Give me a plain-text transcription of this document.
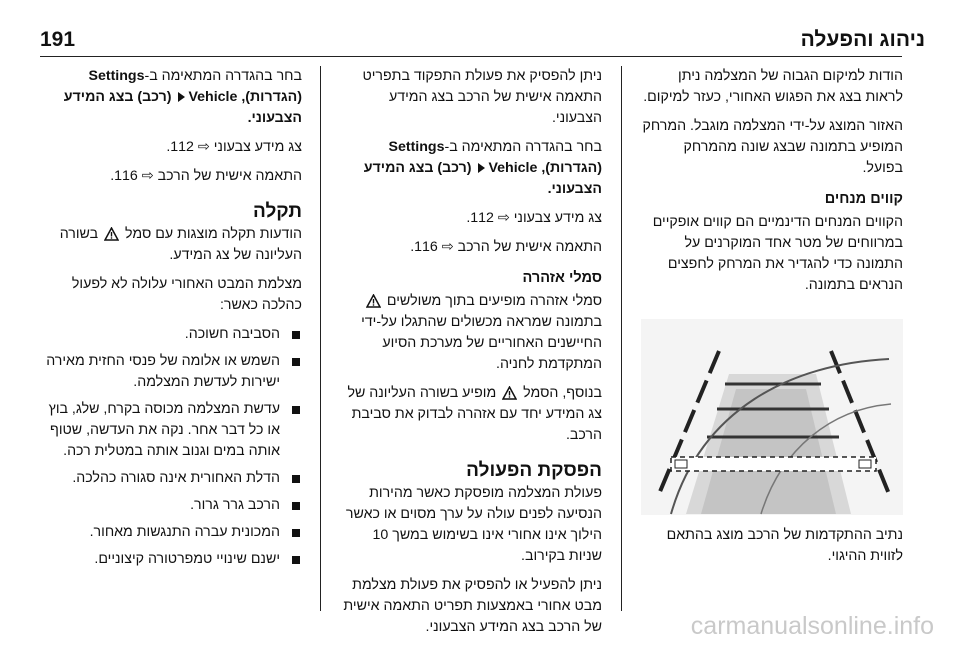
ניהוג והפעלה
191

הודות למיקום הגבוה של המצלמה ניתן לראות בצג את הפגוש האחורי, כעזר למיקום.

האזור המוצג על-ידי המצלמה מוגבל. המרחק המופיע בתמונה שבצג שונה מהמרחק בפועל.

קווים מנחים

הקווים המנחים הדינמיים הם קווים אופקיים במרווחים של מטר אחד המוקרנים על התמונה כדי להגדיר את המרחק לחפצים הנראים בתמונה.

נתיב ההתקדמות של הרכב מוצג בהתאם לזווית ההיגוי.

ניתן להפסיק את פעולת התפקוד בתפריט התאמה אישית של הרכב בצג המידע הצבעוני.

בחר בהגדרה המתאימה ב-Settings (הגדרות), Vehicle (רכב) בצג המידע הצבעוני.

צג מידע צבעוני ⇨ 112.

התאמה אישית של הרכב ⇨ 116.

סמלי אזהרה

סמלי אזהרה מופיעים בתוך משולשים  בתמונה שמראה מכשולים שהתגלו על-ידי החיישנים האחוריים של מערכת הסיוע המתקדמת לחניה.

בנוסף, הסמל  מופיע בשורה העליונה של צג המידע יחד עם אזהרה לבדוק את סביבת הרכב.

הפסקת הפעולה

פעולת המצלמה מופסקת כאשר מהירות הנסיעה לפנים עולה על ערך מסוים או כאשר הילוך אינו אחורי אינו בשימוש במשך 10 שניות בקירוב.

ניתן להפעיל או להפסיק את פעולת מצלמת מבט אחורי באמצעות תפריט התאמה אישית של הרכב בצג המידע הצבעוני.

בחר בהגדרה המתאימה ב-Settings (הגדרות), Vehicle (רכב) בצג המידע הצבעוני.

צג מידע צבעוני ⇨ 112.

התאמה אישית של הרכב ⇨ 116.

תקלה

הודעות תקלה מוצגות עם סמל  בשורה העליונה של צג המידע.

מצלמת המבט האחורי עלולה לא לפעול כהלכה כאשר:

הסביבה חשוכה.
השמש או אלומה של פנסי החזית מאירה ישירות לעדשת המצלמה.
עדשת המצלמה מכוסה בקרח, שלג, בוץ או כל דבר אחר. נקה את העדשה, שטוף אותה במים וגנוב אותה במטלית רכה.
הדלת האחורית אינה סגורה כהלכה.
הרכב גרר גרור.
המכונית עברה התנגשות מאחור.
ישנם שינויי טמפרטורה קיצוניים.
carmanualsonline.info
